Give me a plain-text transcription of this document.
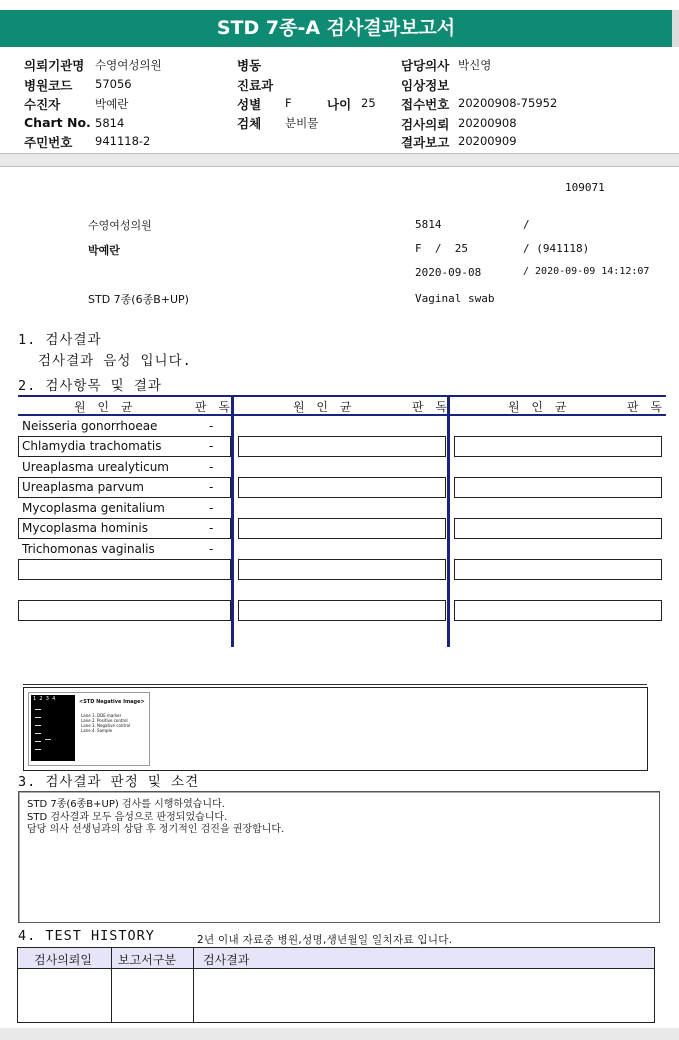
STD 7종-A 검사결과보고서
의뢰기관명 수영여성의원
병원코드 57056
수진자	박예란
Chart No. 5814
주민번호 941118-2
병동
진료과
성별 F	나이 25
검체 분비물
담당의사 박신영
임상정보
접수번호 20200908-75952
검사의뢰 20200908
결과보고 20200909
109071
수영여성의원
박예란
STD 7종(6종B+UP)
5814	/
F  /  25	/ (941118)
2020-09-08	/ 2020-09-09 14:12:07
Vaginal swab
1. 검사결과
검사결과 음성 입니다.
2. 검사항목 및 결과
원 인 균	판 독	원 인 균	판 독	원 인 균	판 독
Neisseria gonorrhoeae	-
Chlamydia trachomatis	-
Ureaplasma urealyticum	-
Ureaplasma parvum	-
Mycoplasma genitalium	-
Mycoplasma hominis	-
Trichomonas vaginalis	-
1  2  3  4	<STD Negative Image>
Lane 1. DDE marker
Lane 2. Positive control
Lane 3. Negative control
Lane 4. Sample
3. 검사결과 판정 및 소견
STD 7종(6종B+UP) 검사를 시행하였습니다.
STD 검사결과 모두 음성으로 판정되었습니다.
담당 의사 선생님과의 상담 후 정기적인 검진을 권장합니다.
4. TEST HISTORY	2년 이내 자료중 병원,성명,생년월일 일치자료 입니다.
검사의뢰일 보고서구분 검사결과
